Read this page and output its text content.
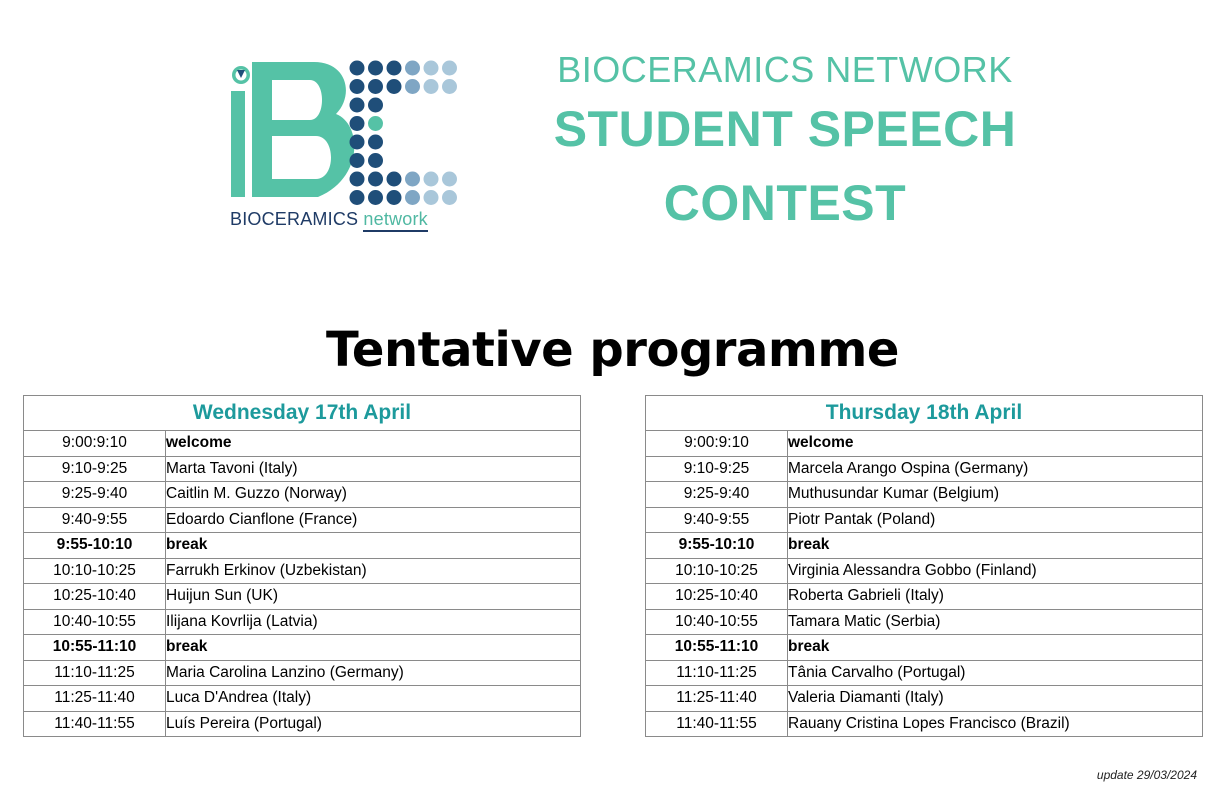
BIOCERAMICS network
BIOCERAMICS NETWORK
STUDENT SPEECH
CONTEST
Tentative programme
Wednesday 17th April	
9:00:9:10	welcome
9:10-9:25	Marta Tavoni (Italy)
9:25-9:40	Caitlin M. Guzzo (Norway)
9:40-9:55	Edoardo Cianflone (France)
9:55-10:10	break
10:10-10:25	Farrukh Erkinov (Uzbekistan)
10:25-10:40	Huijun Sun (UK)
10:40-10:55	Ilijana Kovrlija (Latvia)
10:55-11:10	break
11:10-11:25	Maria Carolina Lanzino (Germany)
11:25-11:40	Luca D'Andrea (Italy)
11:40-11:55	Luís Pereira (Portugal)
Thursday 18th April	
9:00:9:10	welcome
9:10-9:25	Marcela Arango Ospina (Germany)
9:25-9:40	Muthusundar Kumar (Belgium)
9:40-9:55	Piotr Pantak (Poland)
9:55-10:10	break
10:10-10:25	Virginia Alessandra Gobbo (Finland)
10:25-10:40	Roberta Gabrieli (Italy)
10:40-10:55	Tamara Matic (Serbia)
10:55-11:10	break
11:10-11:25	Tânia Carvalho (Portugal)
11:25-11:40	Valeria Diamanti (Italy)
11:40-11:55	Rauany Cristina Lopes Francisco (Brazil)
update 29/03/2024
